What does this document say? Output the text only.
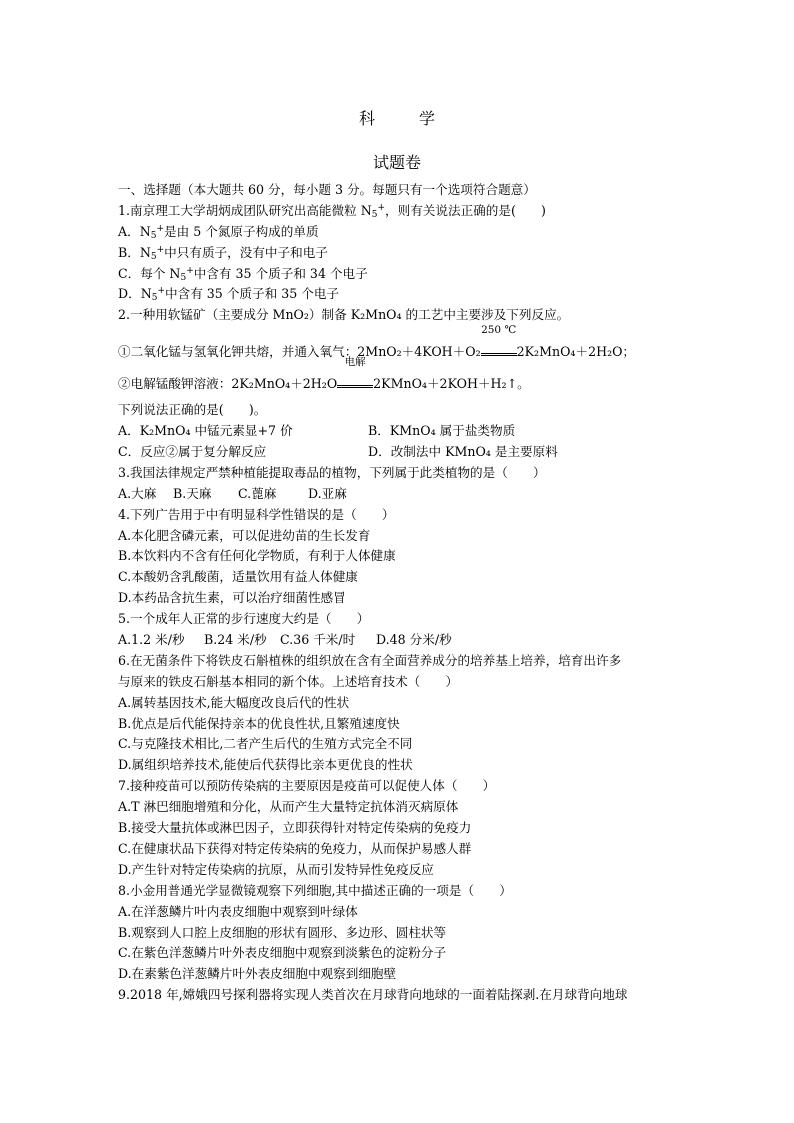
科	学
试题卷
一、选择题（本大题共 60 分，每小题 3 分。每题只有一个选项符合题意）
1.南京理工大学胡炳成团队研究出高能微粒 $N_5^+$，则有关说法正确的是(　　)
A．$N_5^+$是由 5 个氮原子构成的单质
B．$N_5^+$中只有质子，没有中子和电子
C．每个 $N_5^+$中含有 35 个质子和 34 个电子
D．$N_5^+$中含有 35 个质子和 35 个电子
2.一种用软锰矿（主要成分 MnO₂）制备 K₂MnO₄ 的工艺中主要涉及下列反应。
①二氧化锰与氢氧化钾共熔，并通入氧气：2MnO₂＋4KOH＋O₂
250 ℃
2K₂MnO₄＋2H₂O；
②电解锰酸钾溶液：2K₂MnO₄＋2H₂O
电解
2KMnO₄＋2KOH＋H₂↑。
下列说法正确的是(　　)。
A．K₂MnO₄ 中锰元素显+7 价	B．KMnO₄ 属于盐类物质
C．反应②属于复分解反应	D．改制法中 KMnO₄ 是主要原料
3.我国法律规定严禁种植能提取毒品的植物，下列属于此类植物的是（　　）
A.大麻 B.天麻 C.蓖麻	D.亚麻
4.下列广告用于中有明显科学性错误的是（　　）
A.本化肥含磷元素，可以促进幼苗的生长发育
B.本饮料内不含有任何化学物质，有利于人体健康
C.本酸奶含乳酸菌，适量饮用有益人体健康
D.本药品含抗生素，可以治疗细菌性感冒
5.一个成年人正常的步行速度大约是（　　）
A.1.2 米/秒 B.24 米/秒 C.36 千米/时 D.48 分米/秒
6.在无菌条件下将铁皮石斛植株的组织放在含有全面营养成分的培养基上培养，培育出许多
与原来的铁皮石斛基本相同的新个体。上述培育技术（　　）
A.属转基因技术,能大幅度改良后代的性状
B.优点是后代能保持亲本的优良性状,且繁殖速度快
C.与克隆技术相比,二者产生后代的生殖方式完全不同
D.属组织培养技术,能使后代获得比亲本更优良的性状
7.接种疫苗可以预防传染病的主要原因是疫苗可以促使人体（　　）
A.T 淋巴细胞增殖和分化，从而产生大量特定抗体消灭病原体
B.接受大量抗体或淋巴因子，立即获得针对特定传染病的免疫力
C.在健康状品下获得对特定传染病的免疫力，从而保护易感人群
D.产生针对特定传染病的抗原，从而引发特异性免疫反应
8.小金用普通光学显微镜观察下列细胞,其中描述正确的一项是（　　）
A.在洋葱鳞片叶内表皮细胞中观察到叶绿体
B.观察到人口腔上皮细胞的形状有圆形、多边形、圆柱状等
C.在紫色洋葱鳞片叶外表皮细胞中观察到淡紫色的淀粉分子
D.在素紫色洋葱鳞片叶外表皮细胞中观察到细胞壁
9.2018 年,嫦娥四号探利器将实现人类首次在月球背向地球的一面着陆探剥.在月球背向地球
